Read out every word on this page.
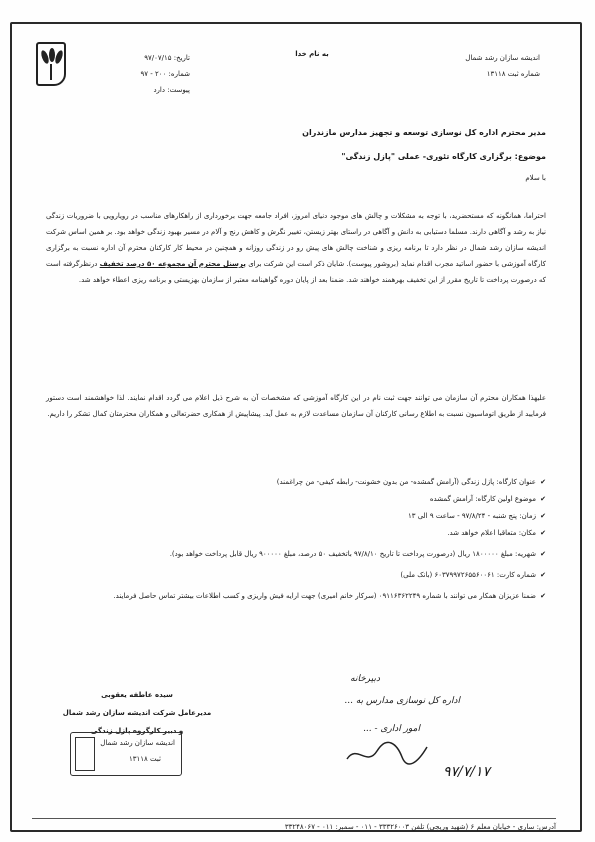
اندیشه سازان رشد شمال
شماره ثبت ۱۳۱۱۸
به نام خدا
تاریخ: ۹۷/۰۷/۱۵
شماره: ۲۰۰ - ۹۷
پیوست: دارد
مدیر محترم اداره کل نوسازی توسعه و تجهیز مدارس مازندران
موضوع: برگزاری کارگاه تئوری- عملی "پازل زندگی"
با سلام
احتراما، همانگونه که مستحضرید، با توجه به مشکلات و چالش های موجود دنیای امروز، افراد جامعه جهت برخورداری از راهکارهای مناسب در رویارویی با ضروریات زندگی نیاز به رشد و آگاهی دارند. مسلما دستیابی به دانش و آگاهی در راستای بهتر زیستن، تغییر نگرش و کاهش رنج و آلام در مسیر بهبود زندگی خواهد بود. بر همین اساس شرکت اندیشه سازان رشد شمال در نظر دارد تا برنامه ریزی و شناخت چالش های پیش رو در زندگی روزانه و همچنین در محیط کار کارکنان محترم آن اداره نسبت به برگزاری کارگاه آموزشی با حضور اساتید مجرب اقدام نماید (بروشور پیوست). شایان ذکر است این شرکت برای پرسنل محترم آن مجموعه ۵۰ درصد تخفیف درنظرگرفته است که درصورت پرداخت تا تاریخ مقرر از این تخفیف بهرهمند خواهند شد. ضمنا بعد از پایان دوره گواهینامه معتبر از سازمان بهزیستی و برنامه ریزی اعطاء خواهد شد.
علیهذا همکاران محترم آن سازمان می توانند جهت ثبت نام در این کارگاه آموزشی که مشخصات آن به شرح ذیل اعلام می گردد اقدام نمایند. لذا خواهشمند است دستور فرمایید از طریق اتوماسیون نسبت به اطلاع رسانی کارکنان آن سازمان مساعدت لازم به عمل آید. پیشاپیش از همکاری حضرتعالی و همکاران محترمتان کمال تشکر را داریم.
✔عنوان کارگاه: پازل زندگی (آرامش گمشده- من بدون خشونت- رابطه کیفی- من چراغمند)
✔موضوع اولین کارگاه: آرامش گمشده
✔زمان: پنج شنبه - ۹۷/۸/۲۴ - ساعت ۹ الی ۱۳
✔مکان: متعاقبا اعلام خواهد شد.
✔شهریه: مبلغ ۱۸۰۰۰۰۰ ریال (درصورت پرداخت تا تاریخ ۹۷/۸/۱۰ باتخفیف ۵۰ درصد، مبلغ ۹۰۰۰۰۰ ریال قابل پرداخت خواهد بود).
✔شماره کارت: ۶۰۳۷۹۹۷۲۶۵۵۶۰۰۶۱ (بانک ملی)
✔ضمنا عزیزان همکار می توانند با شماره ۰۹۱۱۶۳۶۲۲۴۹ (سرکار خانم امیری) جهت ارایه فیش واریزی و کسب اطلاعات بیشتر تماس حاصل فرمایند.
سیده عاطفه یعقوبی
مدیرعامل شرکت اندیشه سازان رشد شمال
و دبیر کارگروه پازل زندگی
اندیشه سازان رشد شمال
ثبت ۱۳۱۱۸
دبیرخانه
اداره کل نوسازی مدارس به ...
امور اداری - ...
۹۷/۷/۱۷
آدرس: ساری - خیابان معلم ۶ (شهید وریجی) تلفن ۳۳۳۲۶۰۰۳ - ۰۱۱ - سمبر: ۰۱۱ - ۳۳۲۴۸۰۶۷
